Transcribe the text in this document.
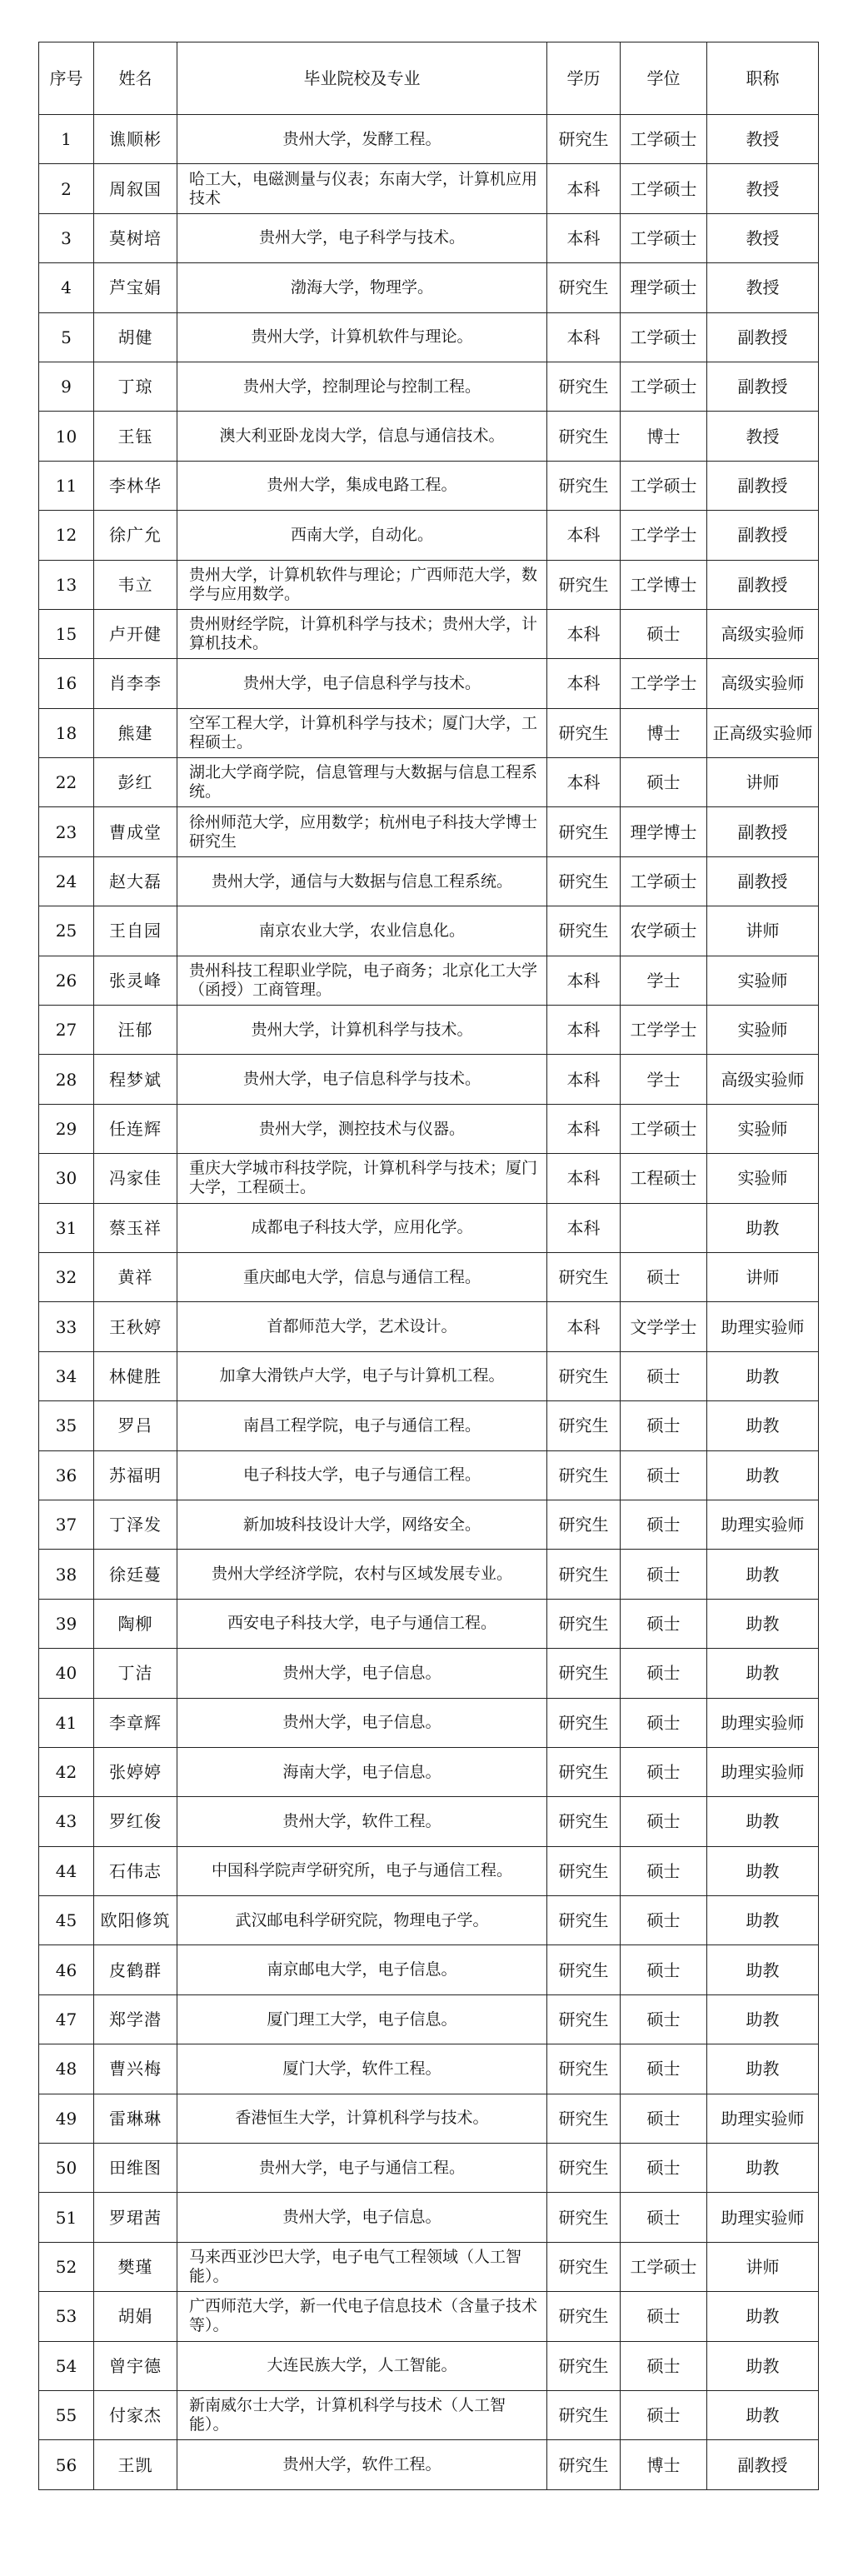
序号	姓名	毕业院校及专业	学历	学位	职称
1	谯顺彬	贵州大学，发酵工程。	研究生	工学硕士	教授
2	周叙国	哈工大，电磁测量与仪表；东南大学，计算机应用技术	本科	工学硕士	教授
3	莫树培	贵州大学，电子科学与技术。	本科	工学硕士	教授
4	芦宝娟	渤海大学，物理学。	研究生	理学硕士	教授
5	胡健	贵州大学，计算机软件与理论。	本科	工学硕士	副教授
9	丁琼	贵州大学，控制理论与控制工程。	研究生	工学硕士	副教授
10	王钰	澳大利亚卧龙岗大学，信息与通信技术。	研究生	博士	教授
11	李林华	贵州大学，集成电路工程。	研究生	工学硕士	副教授
12	徐广允	西南大学，自动化。	本科	工学学士	副教授
13	韦立	贵州大学，计算机软件与理论；广西师范大学，数学与应用数学。	研究生	工学博士	副教授
15	卢开健	贵州财经学院，计算机科学与技术；贵州大学，计算机技术。	本科	硕士	高级实验师
16	肖李李	贵州大学，电子信息科学与技术。	本科	工学学士	高级实验师
18	熊建	空军工程大学，计算机科学与技术；厦门大学，工程硕士。	研究生	博士	正高级实验师
22	彭红	湖北大学商学院，信息管理与大数据与信息工程系统。	本科	硕士	讲师
23	曹成堂	徐州师范大学，应用数学；杭州电子科技大学博士研究生	研究生	理学博士	副教授
24	赵大磊	贵州大学，通信与大数据与信息工程系统。	研究生	工学硕士	副教授
25	王自园	南京农业大学，农业信息化。	研究生	农学硕士	讲师
26	张灵峰	贵州科技工程职业学院，电子商务；北京化工大学（函授）工商管理。	本科	学士	实验师
27	汪郁	贵州大学，计算机科学与技术。	本科	工学学士	实验师
28	程梦斌	贵州大学，电子信息科学与技术。	本科	学士	高级实验师
29	任连辉	贵州大学，测控技术与仪器。	本科	工学硕士	实验师
30	冯家佳	重庆大学城市科技学院，计算机科学与技术；厦门大学，工程硕士。	本科	工程硕士	实验师
31	蔡玉祥	成都电子科技大学，应用化学。	本科		助教
32	黄祥	重庆邮电大学，信息与通信工程。	研究生	硕士	讲师
33	王秋婷	首都师范大学，艺术设计。	本科	文学学士	助理实验师
34	林健胜	加拿大滑铁卢大学，电子与计算机工程。	研究生	硕士	助教
35	罗吕	南昌工程学院，电子与通信工程。	研究生	硕士	助教
36	苏福明	电子科技大学，电子与通信工程。	研究生	硕士	助教
37	丁泽发	新加坡科技设计大学，网络安全。	研究生	硕士	助理实验师
38	徐廷蔓	贵州大学经济学院，农村与区域发展专业。	研究生	硕士	助教
39	陶柳	西安电子科技大学，电子与通信工程。	研究生	硕士	助教
40	丁洁	贵州大学，电子信息。	研究生	硕士	助教
41	李章辉	贵州大学，电子信息。	研究生	硕士	助理实验师
42	张婷婷	海南大学，电子信息。	研究生	硕士	助理实验师
43	罗红俊	贵州大学，软件工程。	研究生	硕士	助教
44	石伟志	中国科学院声学研究所，电子与通信工程。	研究生	硕士	助教
45	欧阳修筑	武汉邮电科学研究院，物理电子学。	研究生	硕士	助教
46	皮鹤群	南京邮电大学，电子信息。	研究生	硕士	助教
47	郑学潜	厦门理工大学，电子信息。	研究生	硕士	助教
48	曹兴梅	厦门大学，软件工程。	研究生	硕士	助教
49	雷琳琳	香港恒生大学，计算机科学与技术。	研究生	硕士	助理实验师
50	田维图	贵州大学，电子与通信工程。	研究生	硕士	助教
51	罗珺茜	贵州大学，电子信息。	研究生	硕士	助理实验师
52	樊瑾	马来西亚沙巴大学，电子电气工程领域（人工智能）。	研究生	工学硕士	讲师
53	胡娟	广西师范大学，新一代电子信息技术（含量子技术等）。	研究生	硕士	助教
54	曾宇德	大连民族大学，人工智能。	研究生	硕士	助教
55	付家杰	新南威尔士大学，计算机科学与技术（人工智能）。	研究生	硕士	助教
56	王凯	贵州大学，软件工程。	研究生	博士	副教授
